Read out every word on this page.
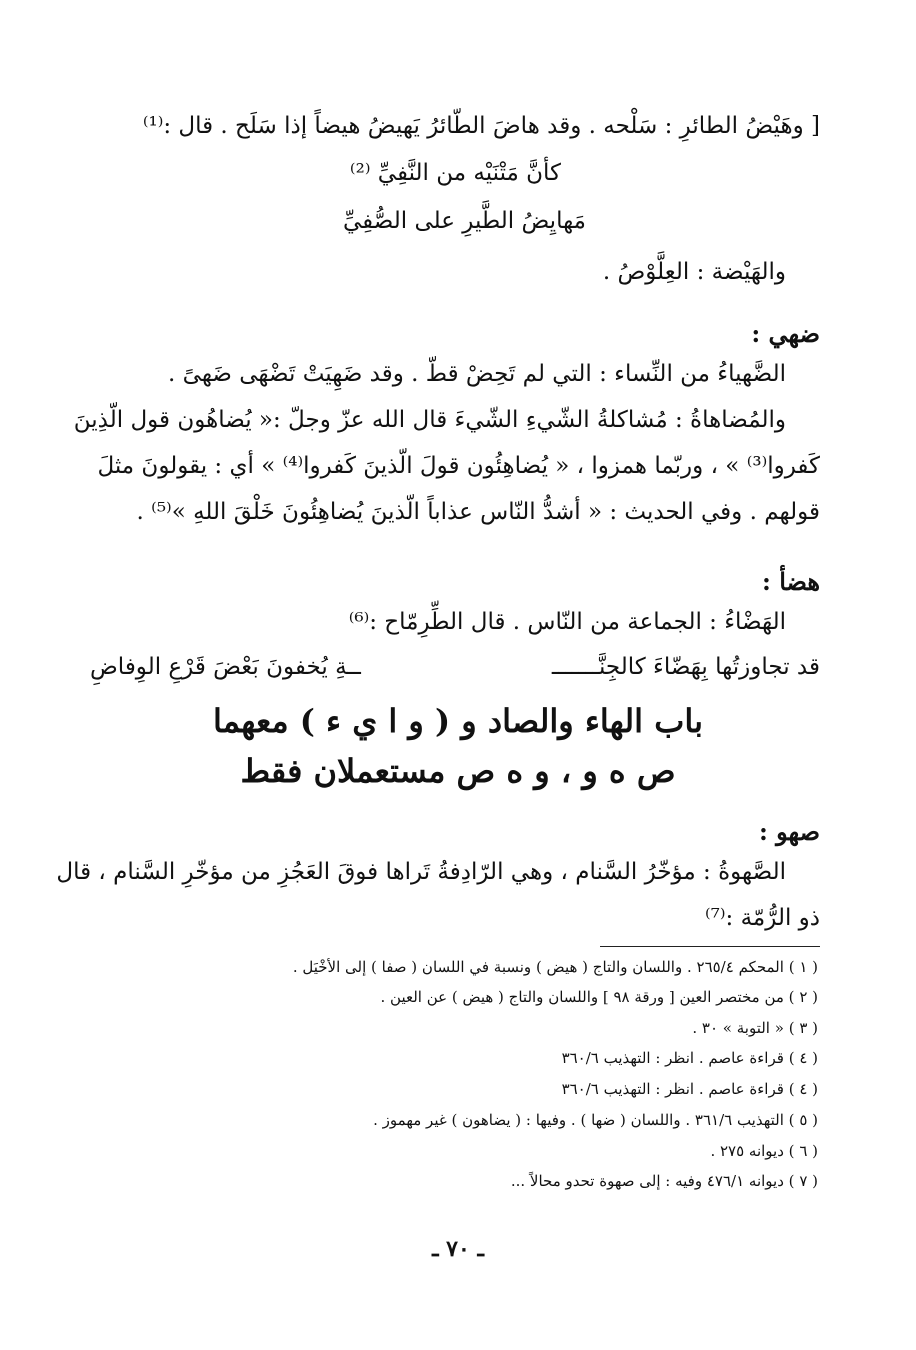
[ وهَيْضُ الطائرِ : سَلْحه . وقد هاضَ الطّائرُ يَهيضُ هيضاً إذا سَلَح . قال :⁽¹⁾
كأنَّ مَتْنَيْه من النَّفِيِّ ⁽²⁾
مَهايِضُ الطَّيرِ على الصُّفِيِّ
والهَيْضة : العِلَّوْصُ .
ضهي :
الضَّهياءُ من النِّساء : التي لم تَحِضْ قطّ . وقد ضَهِيَتْ تَضْهَى ضَهىً .
والمُضاهاةُ : مُشاكلةُ الشّيءِ الشّيءَ قال الله عزّ وجلّ :« يُضاهُون قول الّذِينَ
كَفروا⁽³⁾ » ، وربّما همزوا ، « يُضاهِئُون قولَ الّذينَ كَفروا⁽⁴⁾ » أي : يقولونَ مثلَ
قولهم . وفي الحديث : « أشدُّ النّاس عذاباً الّذينَ يُضاهِئُونَ خَلْقَ اللهِ »⁽⁵⁾ .
هضأ :
الهَضْاءُ : الجماعة من النّاس . قال الطِّرِمّاح :⁽⁶⁾
قد تجاوزتُها بِهَضّاءَ كالجِنَّـــــــ
ــةِ يُخفونَ بَعْضَ قَرْعِ الوِفاضِ
باب الهاء والصاد و ( و ا ي ء ) معهما
ص ه و ، و ه ص مستعملان فقط
صهو :
الصَّهوةُ : مؤخّرُ السَّنام ، وهي الرّادِفةُ تَراها فوقَ العَجُزِ من مؤخّرِ السَّنام ، قال
ذو الرُّمّة :⁽⁷⁾
( ١ ) المحكم ٢٦٥/٤ . واللسان والتاج ( هيض ) ونسبة في اللسان ( صفا ) إلى الأخْيَل .
( ٢ ) من مختصر العين [ ورقة ٩٨ ] واللسان والتاج ( هيض ) عن العين .
( ٣ ) « التوبة » ٣٠ .
( ٤ ) قراءة عاصم . انظر : التهذيب ٣٦٠/٦
( ٤ ) قراءة عاصم . انظر : التهذيب ٣٦٠/٦
( ٥ ) التهذيب ٣٦١/٦ . واللسان ( ضها ) . وفيها : ( يضاهون ) غير مهموز .
( ٦ ) ديوانه ٢٧٥ .
( ٧ ) ديوانه ٤٧٦/١ وفيه : إلى صهوة تحدو محالاً ...
ـ ٧٠ ـ
